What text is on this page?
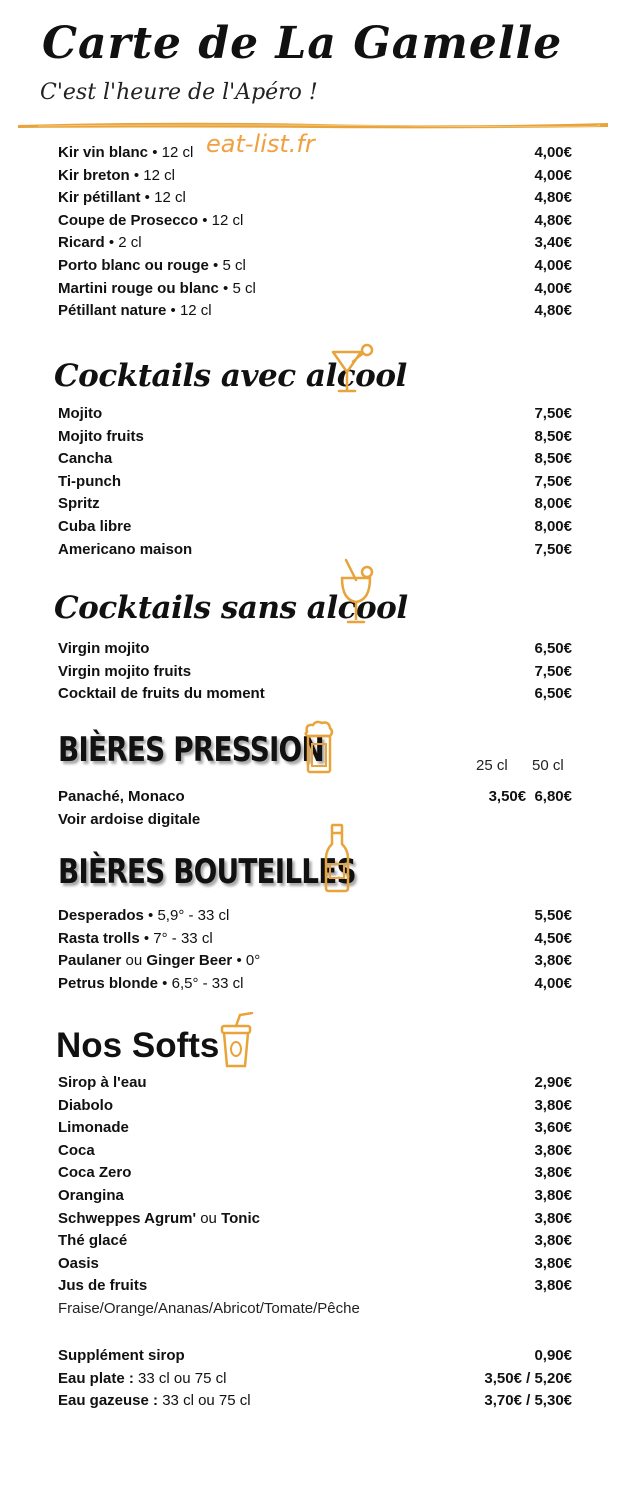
Carte de La Gamelle
C'est l'heure de l'Apéro !
eat-list.fr
Kir vin blanc • 12 cl	4,00€
Kir breton • 12 cl	4,00€
Kir pétillant • 12 cl	4,80€
Coupe de Prosecco • 12 cl	4,80€
Ricard • 2 cl	3,40€
Porto blanc ou rouge • 5 cl	4,00€
Martini rouge ou blanc • 5 cl	4,00€
Pétillant nature • 12 cl	4,80€
Cocktails avec alcool
Mojito	7,50€
Mojito fruits	8,50€
Cancha	8,50€
Ti-punch	7,50€
Spritz	8,00€
Cuba libre	8,00€
Americano maison	7,50€
Cocktails sans alcool
Virgin mojito	6,50€
Virgin mojito fruits	7,50€
Cocktail de fruits du moment	6,50€
BIÈRES PRESSION	25 cl 50 cl
Panaché, Monaco	3,50€  6,80€
Voir ardoise digitale
BIÈRES BOUTEILLES
Desperados • 5,9° - 33 cl	5,50€
Rasta trolls • 7° - 33 cl	4,50€
Paulaner ou Ginger Beer • 0°	3,80€
Petrus blonde • 6,5° - 33 cl	4,00€
Nos Softs
Sirop à l'eau	2,90€
Diabolo	3,80€
Limonade	3,60€
Coca	3,80€
Coca Zero	3,80€
Orangina	3,80€
Schweppes Agrum' ou Tonic	3,80€
Thé glacé	3,80€
Oasis	3,80€
Jus de fruits	3,80€
Fraise/Orange/Ananas/Abricot/Tomate/Pêche
Supplément sirop	0,90€
Eau plate : 33 cl ou 75 cl	3,50€ / 5,20€
Eau gazeuse : 33 cl ou 75 cl	3,70€ / 5,30€
